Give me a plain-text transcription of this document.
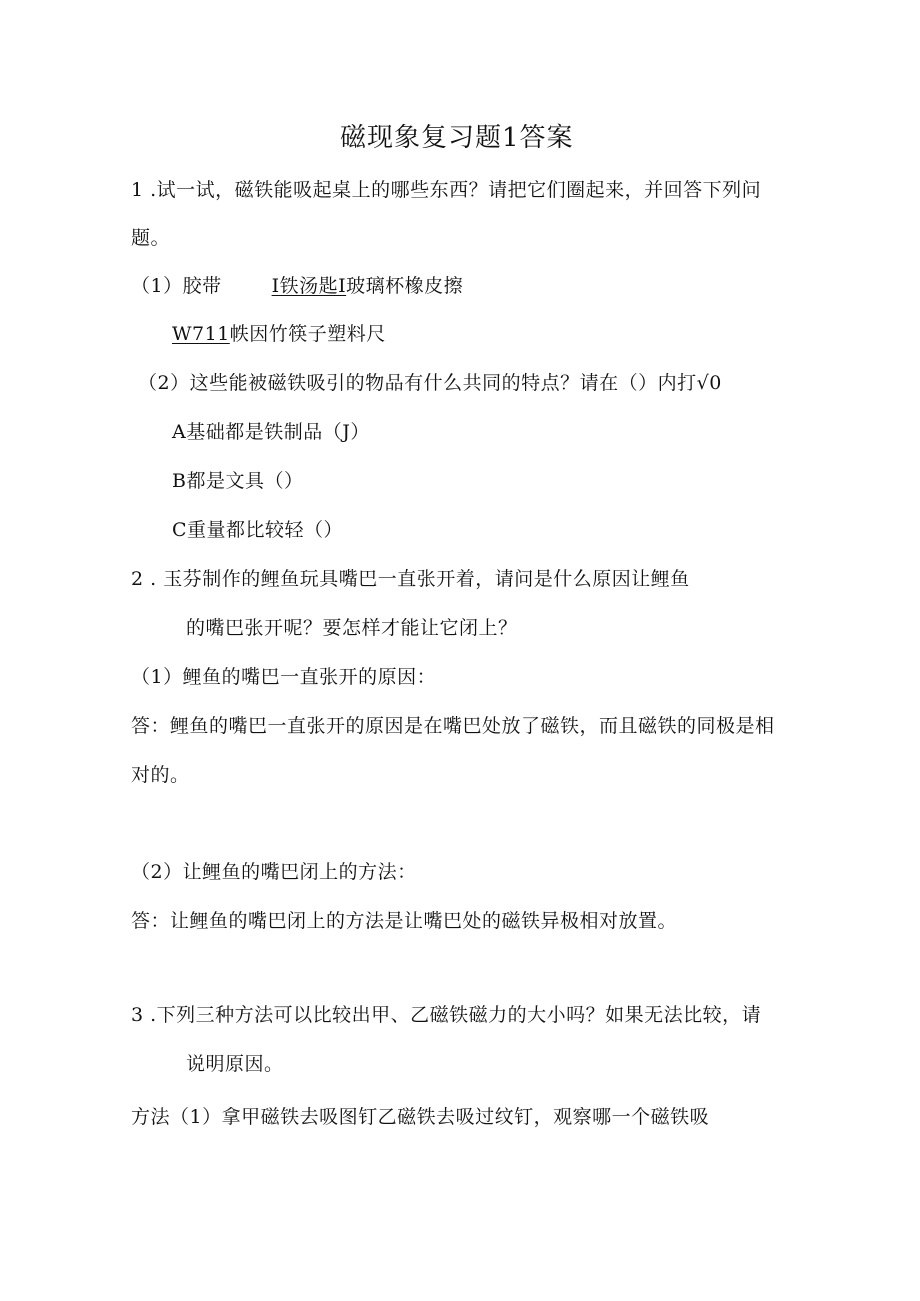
磁现象复习题1答案
1 .试一试，磁铁能吸起桌上的哪些东西？请把它们圈起来，并回答下列问
题。
（1）胶带	I铁汤匙I玻璃杯橡皮擦
W711帙因竹筷子塑料尺
（2）这些能被磁铁吸引的物品有什么共同的特点？请在（）内打√0
A基础都是铁制品（J）
B都是文具（）
C重量都比较轻（）
2 . 玉芬制作的鲤鱼玩具嘴巴一直张开着，请问是什么原因让鲤鱼
的嘴巴张开呢？要怎样才能让它闭上？
（1）鲤鱼的嘴巴一直张开的原因：
答：鲤鱼的嘴巴一直张开的原因是在嘴巴处放了磁铁，而且磁铁的同极是相
对的。
（2）让鲤鱼的嘴巴闭上的方法：
答：让鲤鱼的嘴巴闭上的方法是让嘴巴处的磁铁异极相对放置。
3 .下列三种方法可以比较出甲、乙磁铁磁力的大小吗？如果无法比较，请
说明原因。
方法（1）拿甲磁铁去吸图钉乙磁铁去吸过纹钉，观察哪一个磁铁吸
